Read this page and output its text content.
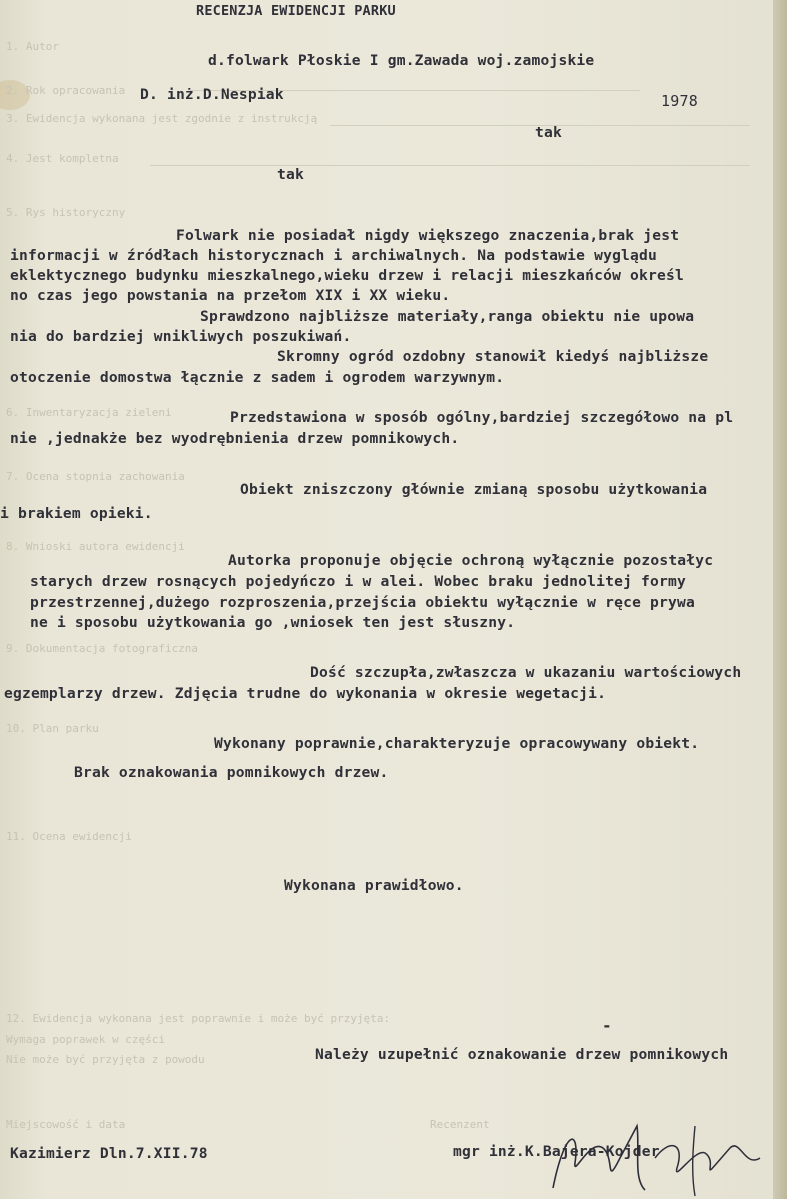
1. Autor
2. Rok opracowania
3. Ewidencja wykonana jest zgodnie z instrukcją
4. Jest kompletna
5. Rys historyczny
6. Inwentaryzacja zieleni
7. Ocena stopnia zachowania
8. Wnioski autora ewidencji
9. Dokumentacja fotograficzna
10. Plan parku
11. Ocena ewidencji
12. Ewidencja wykonana jest poprawnie i może być przyjęta:
Wymaga poprawek w części
Nie może być przyjęta z powodu
Recenzent
Miejscowość i data
RECENZJA EWIDENCJI PARKU
d.folwark Płoskie I gm.Zawada woj.zamojskie
D. inż.D.Nespiak	1978
tak
tak
Folwark nie posiadał nigdy większego znaczenia,brak jest
informacji w źródłach historycznach i archiwalnych. Na podstawie wyglądu
eklektycznego budynku mieszkalnego,wieku drzew i relacji mieszkańców określ
no czas jego powstania na przełom XIX i XX wieku.
Sprawdzono najbliższe materiały,ranga obiektu nie upowa
nia do bardziej wnikliwych poszukiwań.
Skromny ogród ozdobny stanowił kiedyś najbliższe
otoczenie domostwa łącznie z sadem i ogrodem warzywnym.
Przedstawiona w sposób ogólny,bardziej szczegółowo na pl
nie ,jednakże bez wyodrębnienia drzew pomnikowych.
Obiekt zniszczony głównie zmianą sposobu użytkowania
i brakiem opieki.
Autorka proponuje objęcie ochroną wyłącznie pozostałyc
starych drzew rosnących pojedyńczo i w alei. Wobec braku jednolitej formy
przestrzennej,dużego rozproszenia,przejścia obiektu wyłącznie w ręce prywa
ne i sposobu użytkowania go ,wniosek ten jest słuszny.
Dość szczupła,zwłaszcza w ukazaniu wartościowych
egzemplarzy drzew. Zdjęcia trudne do wykonania w okresie wegetacji.
Wykonany poprawnie,charakteryzuje opracowywany obiekt.
Brak oznakowania pomnikowych drzew.
Wykonana prawidłowo.
-
Należy uzupełnić oznakowanie drzew pomnikowych
Kazimierz Dln.7.XII.78	mgr inż.K.Bajera-Kojder
